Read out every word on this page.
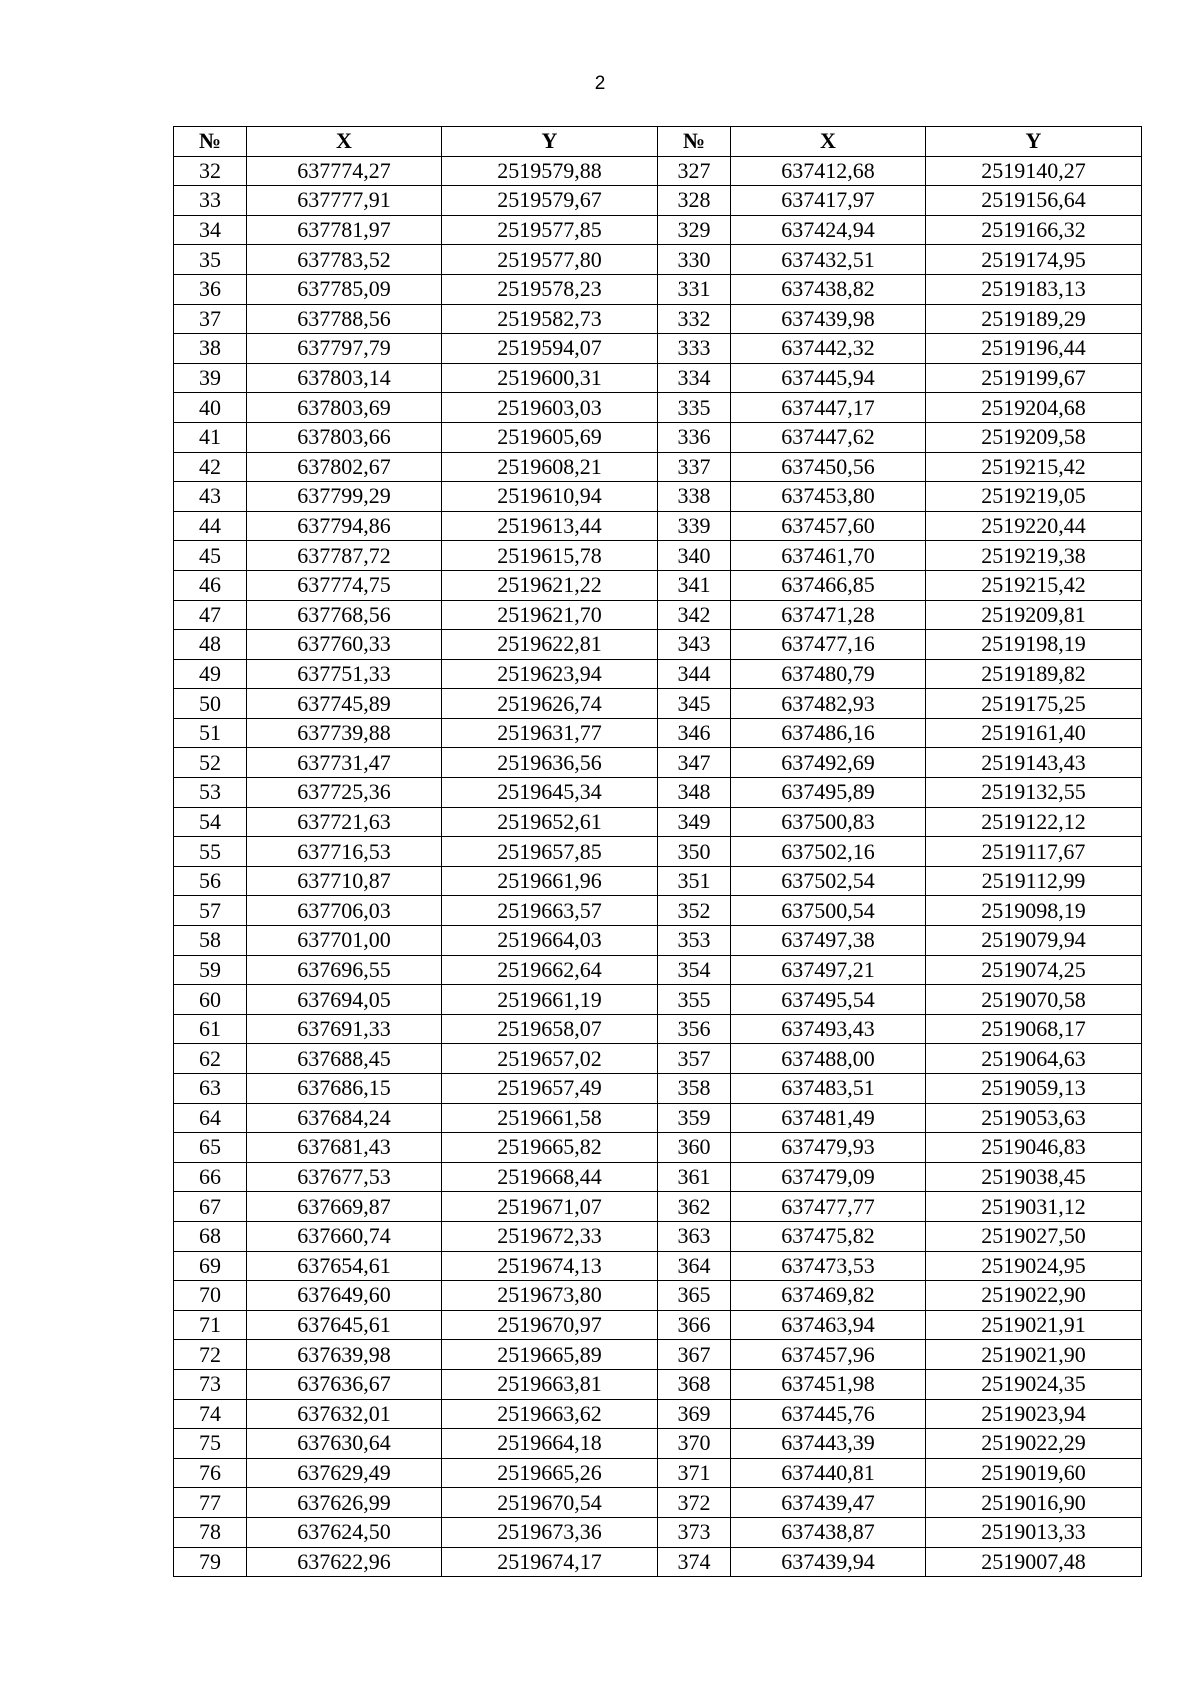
2
№	X	Y	№	X	Y
32	637774,27	2519579,88	327	637412,68	2519140,27
33	637777,91	2519579,67	328	637417,97	2519156,64
34	637781,97	2519577,85	329	637424,94	2519166,32
35	637783,52	2519577,80	330	637432,51	2519174,95
36	637785,09	2519578,23	331	637438,82	2519183,13
37	637788,56	2519582,73	332	637439,98	2519189,29
38	637797,79	2519594,07	333	637442,32	2519196,44
39	637803,14	2519600,31	334	637445,94	2519199,67
40	637803,69	2519603,03	335	637447,17	2519204,68
41	637803,66	2519605,69	336	637447,62	2519209,58
42	637802,67	2519608,21	337	637450,56	2519215,42
43	637799,29	2519610,94	338	637453,80	2519219,05
44	637794,86	2519613,44	339	637457,60	2519220,44
45	637787,72	2519615,78	340	637461,70	2519219,38
46	637774,75	2519621,22	341	637466,85	2519215,42
47	637768,56	2519621,70	342	637471,28	2519209,81
48	637760,33	2519622,81	343	637477,16	2519198,19
49	637751,33	2519623,94	344	637480,79	2519189,82
50	637745,89	2519626,74	345	637482,93	2519175,25
51	637739,88	2519631,77	346	637486,16	2519161,40
52	637731,47	2519636,56	347	637492,69	2519143,43
53	637725,36	2519645,34	348	637495,89	2519132,55
54	637721,63	2519652,61	349	637500,83	2519122,12
55	637716,53	2519657,85	350	637502,16	2519117,67
56	637710,87	2519661,96	351	637502,54	2519112,99
57	637706,03	2519663,57	352	637500,54	2519098,19
58	637701,00	2519664,03	353	637497,38	2519079,94
59	637696,55	2519662,64	354	637497,21	2519074,25
60	637694,05	2519661,19	355	637495,54	2519070,58
61	637691,33	2519658,07	356	637493,43	2519068,17
62	637688,45	2519657,02	357	637488,00	2519064,63
63	637686,15	2519657,49	358	637483,51	2519059,13
64	637684,24	2519661,58	359	637481,49	2519053,63
65	637681,43	2519665,82	360	637479,93	2519046,83
66	637677,53	2519668,44	361	637479,09	2519038,45
67	637669,87	2519671,07	362	637477,77	2519031,12
68	637660,74	2519672,33	363	637475,82	2519027,50
69	637654,61	2519674,13	364	637473,53	2519024,95
70	637649,60	2519673,80	365	637469,82	2519022,90
71	637645,61	2519670,97	366	637463,94	2519021,91
72	637639,98	2519665,89	367	637457,96	2519021,90
73	637636,67	2519663,81	368	637451,98	2519024,35
74	637632,01	2519663,62	369	637445,76	2519023,94
75	637630,64	2519664,18	370	637443,39	2519022,29
76	637629,49	2519665,26	371	637440,81	2519019,60
77	637626,99	2519670,54	372	637439,47	2519016,90
78	637624,50	2519673,36	373	637438,87	2519013,33
79	637622,96	2519674,17	374	637439,94	2519007,48
